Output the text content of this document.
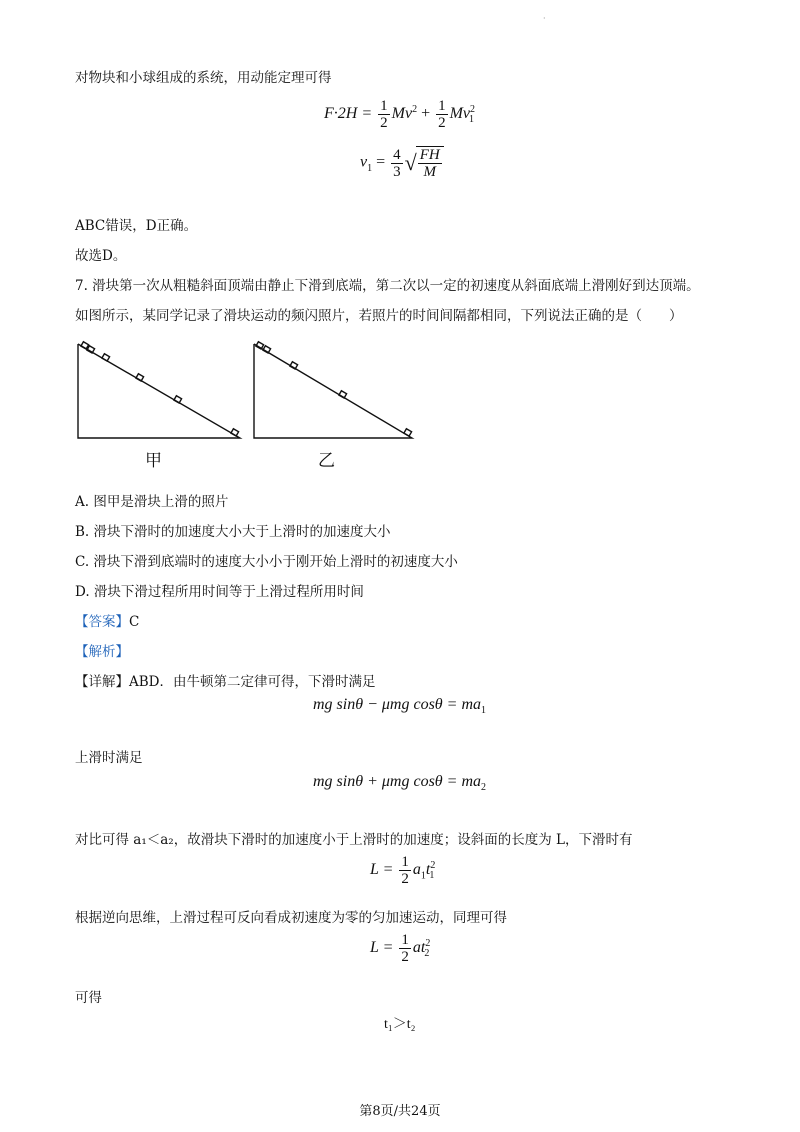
·
对物块和小球组成的系统，用动能定理可得
$F\cdot 2H = \frac{1}{2} Mv^2 + \frac{1}{2} Mv^2_1$
$v_1 = \frac{4}{3}$ √ $\frac{FH}{M}$
ABC错误，D正确。
故选D。
7. 滑块第一次从粗糙斜面顶端由静止下滑到底端，第二次以一定的初速度从斜面底端上滑刚好到达顶端。
如图所示，某同学记录了滑块运动的频闪照片，若照片的时间间隔都相同，下列说法正确的是（　　）
甲	乙
A. 图甲是滑块上滑的照片
B. 滑块下滑时的加速度大小大于上滑时的加速度大小
C. 滑块下滑到底端时的速度大小小于刚开始上滑时的初速度大小
D. 滑块下滑过程所用时间等于上滑过程所用时间
【答案】C
【解析】
【详解】ABD．由牛顿第二定律可得，下滑时满足
mg sinθ − μmg $\cos\theta = ma_1$
上滑时满足
mg sinθ + μmg $\cos\theta = ma_2$
对比可得 a₁＜a₂，故滑块下滑时的加速度小于上滑时的加速度；设斜面的长度为 L，下滑时有
$L = \frac{1}{2} a_1t^2_1$
根据逆向思维，上滑过程可反向看成初速度为零的匀加速运动，同理可得
$L = \frac{1}{2} at^2_2$
可得
t₁＞t₂
第8页/共24页
